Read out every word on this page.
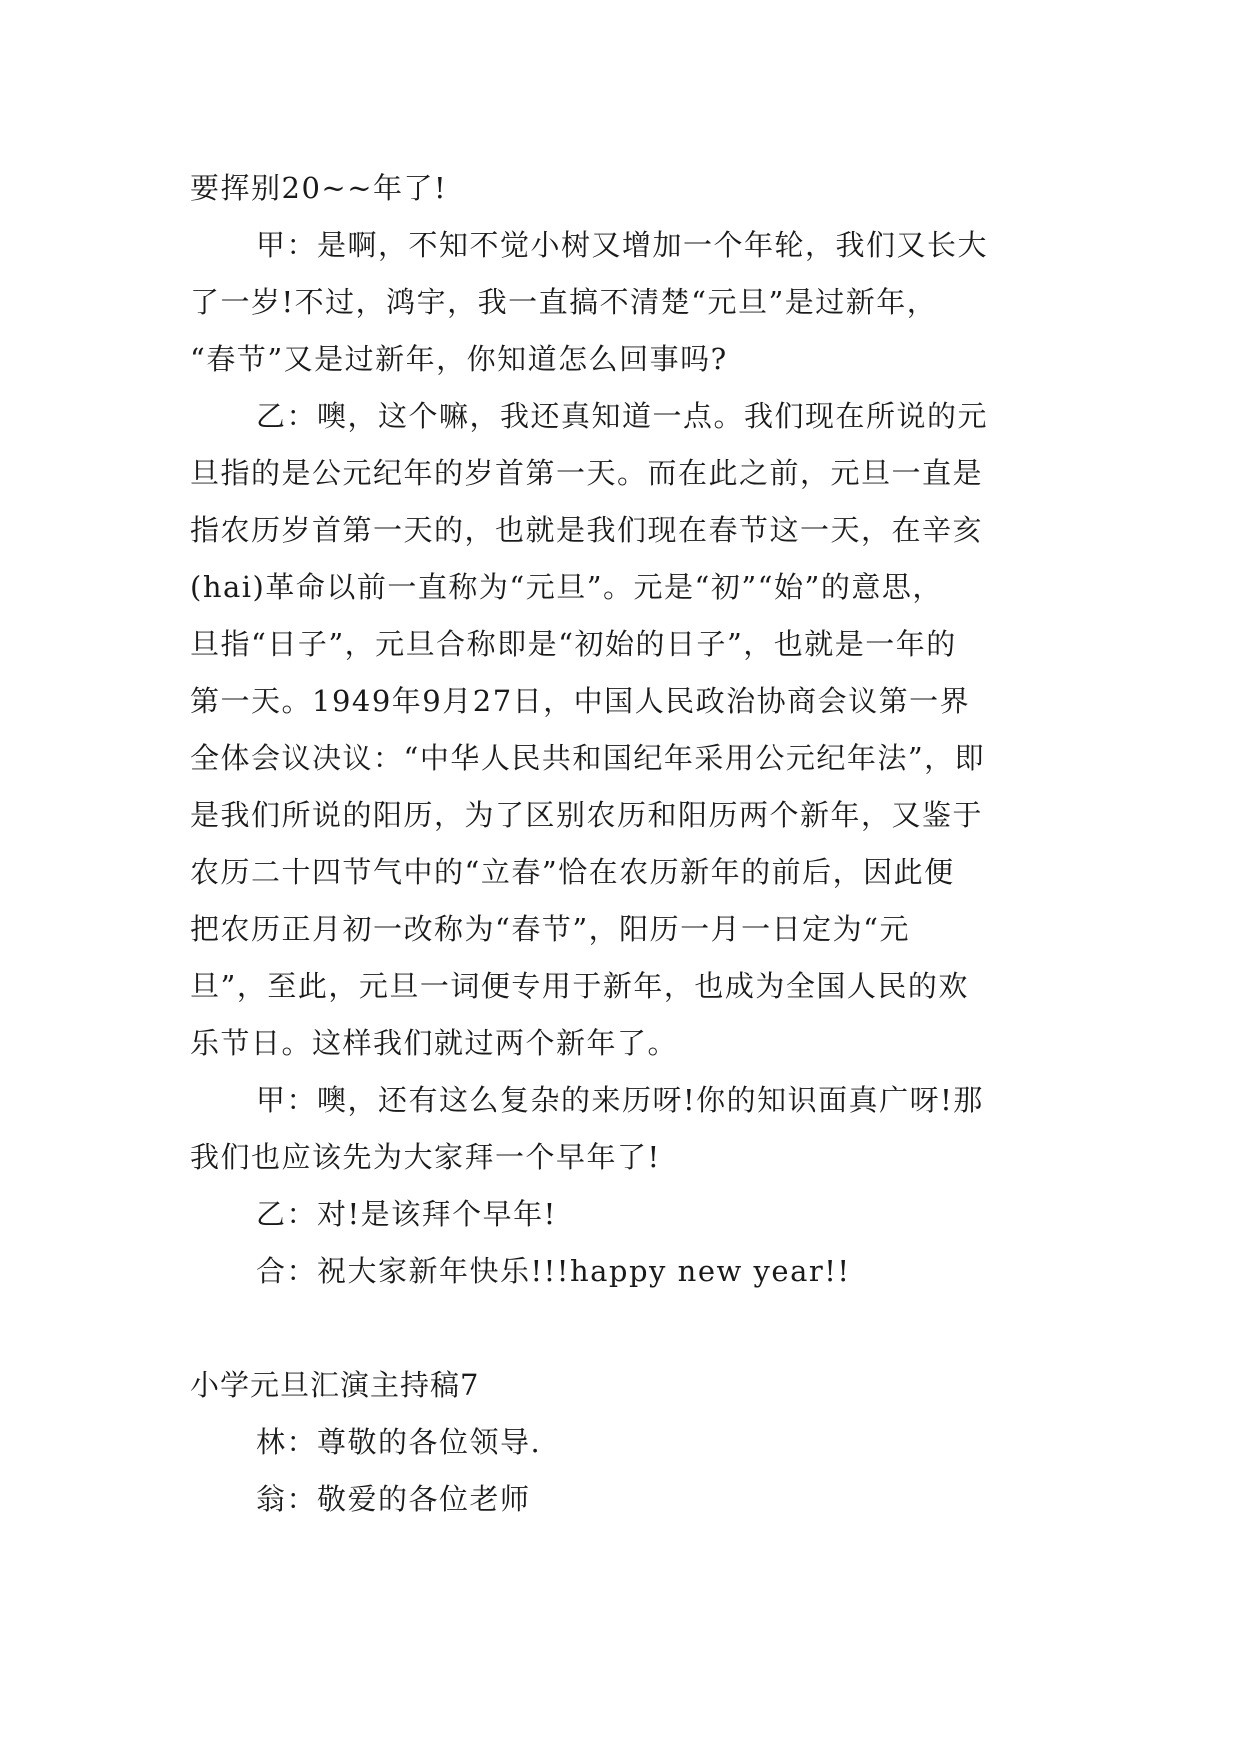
要挥别20~~年了!
甲：是啊，不知不觉小树又增加一个年轮，我们又长大
了一岁!不过，鸿宇，我一直搞不清楚“元旦”是过新年，
“春节”又是过新年，你知道怎么回事吗?
乙：噢，这个嘛，我还真知道一点。我们现在所说的元
旦指的是公元纪年的岁首第一天。而在此之前，元旦一直是
指农历岁首第一天的，也就是我们现在春节这一天，在辛亥
(hai)革命以前一直称为“元旦”。元是“初”“始”的意思，
旦指“日子”，元旦合称即是“初始的日子”，也就是一年的
第一天。1949年9月27日，中国人民政治协商会议第一界
全体会议决议：“中华人民共和国纪年采用公元纪年法”，即
是我们所说的阳历，为了区别农历和阳历两个新年，又鉴于
农历二十四节气中的“立春”恰在农历新年的前后，因此便
把农历正月初一改称为“春节”，阳历一月一日定为“元
旦”，至此，元旦一词便专用于新年，也成为全国人民的欢
乐节日。这样我们就过两个新年了。
甲：噢，还有这么复杂的来历呀!你的知识面真广呀!那
我们也应该先为大家拜一个早年了!
乙：对!是该拜个早年!
合：祝大家新年快乐!!!happy new year!!
小学元旦汇演主持稿7
林：尊敬的各位领导.
翁：敬爱的各位老师
